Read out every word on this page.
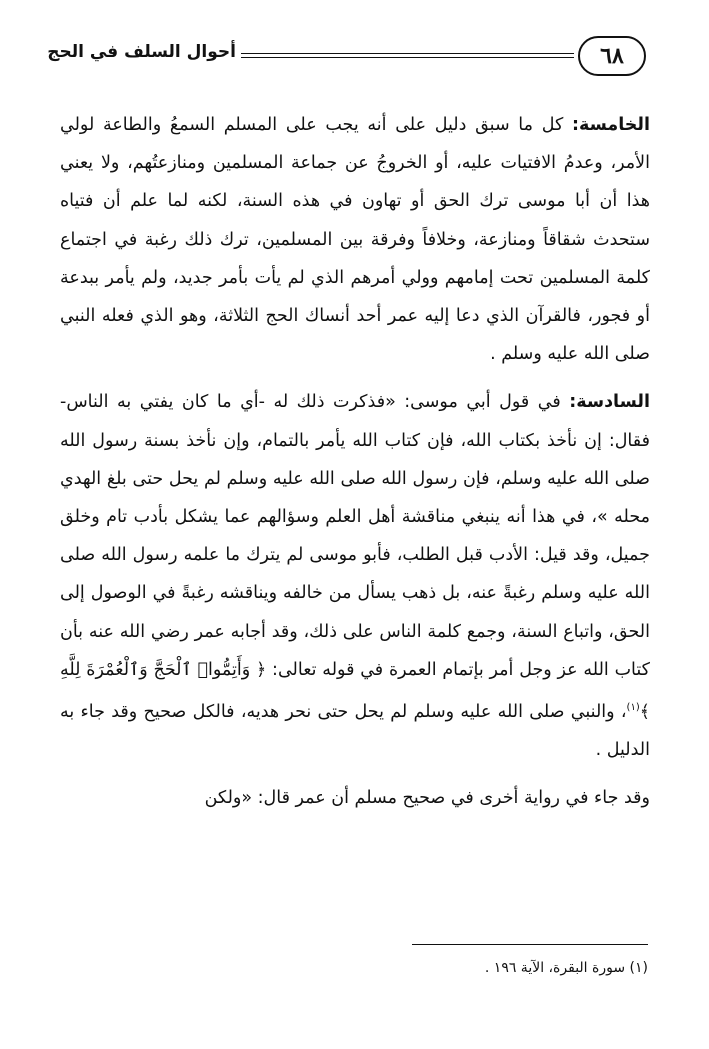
أحوال السلف في الحج	٦٨

الخامسة: كل ما سبق دليل على أنه يجب على المسلم السمعُ والطاعة لولي الأمر، وعدمُ الافتيات عليه، أو الخروجُ عن جماعة المسلمين ومنازعتُهم، ولا يعني هذا أن أبا موسى ترك الحق أو تهاون في هذه السنة، لكنه لما علم أن فتياه ستحدث شقاقاً ومنازعة، وخلافاً وفرقة بين المسلمين، ترك ذلك رغبة في اجتماع كلمة المسلمين تحت إمامهم وولي أمرهم الذي لم يأت بأمر جديد، ولم يأمر ببدعة أو فجور، فالقرآن الذي دعا إليه عمر أحد أنساك الحج الثلاثة، وهو الذي فعله النبي صلى الله عليه وسلم .

السادسة: في قول أبي موسى: «فذكرت ذلك له -أي ما كان يفتي به الناس- فقال: إن نأخذ بكتاب الله، فإن كتاب الله يأمر بالتمام، وإن نأخذ بسنة رسول الله صلى الله عليه وسلم، فإن رسول الله صلى الله عليه وسلم لم يحل حتى بلغ الهدي محله »، في هذا أنه ينبغي مناقشة أهل العلم وسؤالهم عما يشكل بأدب تام وخلق جميل، وقد قيل: الأدب قبل الطلب، فأبو موسى لم يترك ما علمه رسول الله صلى الله عليه وسلم رغبةً عنه، بل ذهب يسأل من خالفه ويناقشه رغبةً في الوصول إلى الحق، واتباع السنة، وجمع كلمة الناس على ذلك، وقد أجابه عمر رضي الله عنه بأن كتاب الله عز وجل أمر بإتمام العمرة في قوله تعالى: ﴿ وَأَتِمُّوا۟ ٱلْحَجَّ وَٱلْعُمْرَةَ لِلَّهِ ﴾$^{(١)}$، والنبي صلى الله عليه وسلم لم يحل حتى نحر هديه، فالكل صحيح وقد جاء به الدليل .

وقد جاء في رواية أخرى في صحيح مسلم أن عمر قال: «ولكن

(١) سورة البقرة، الآية ١٩٦ .
